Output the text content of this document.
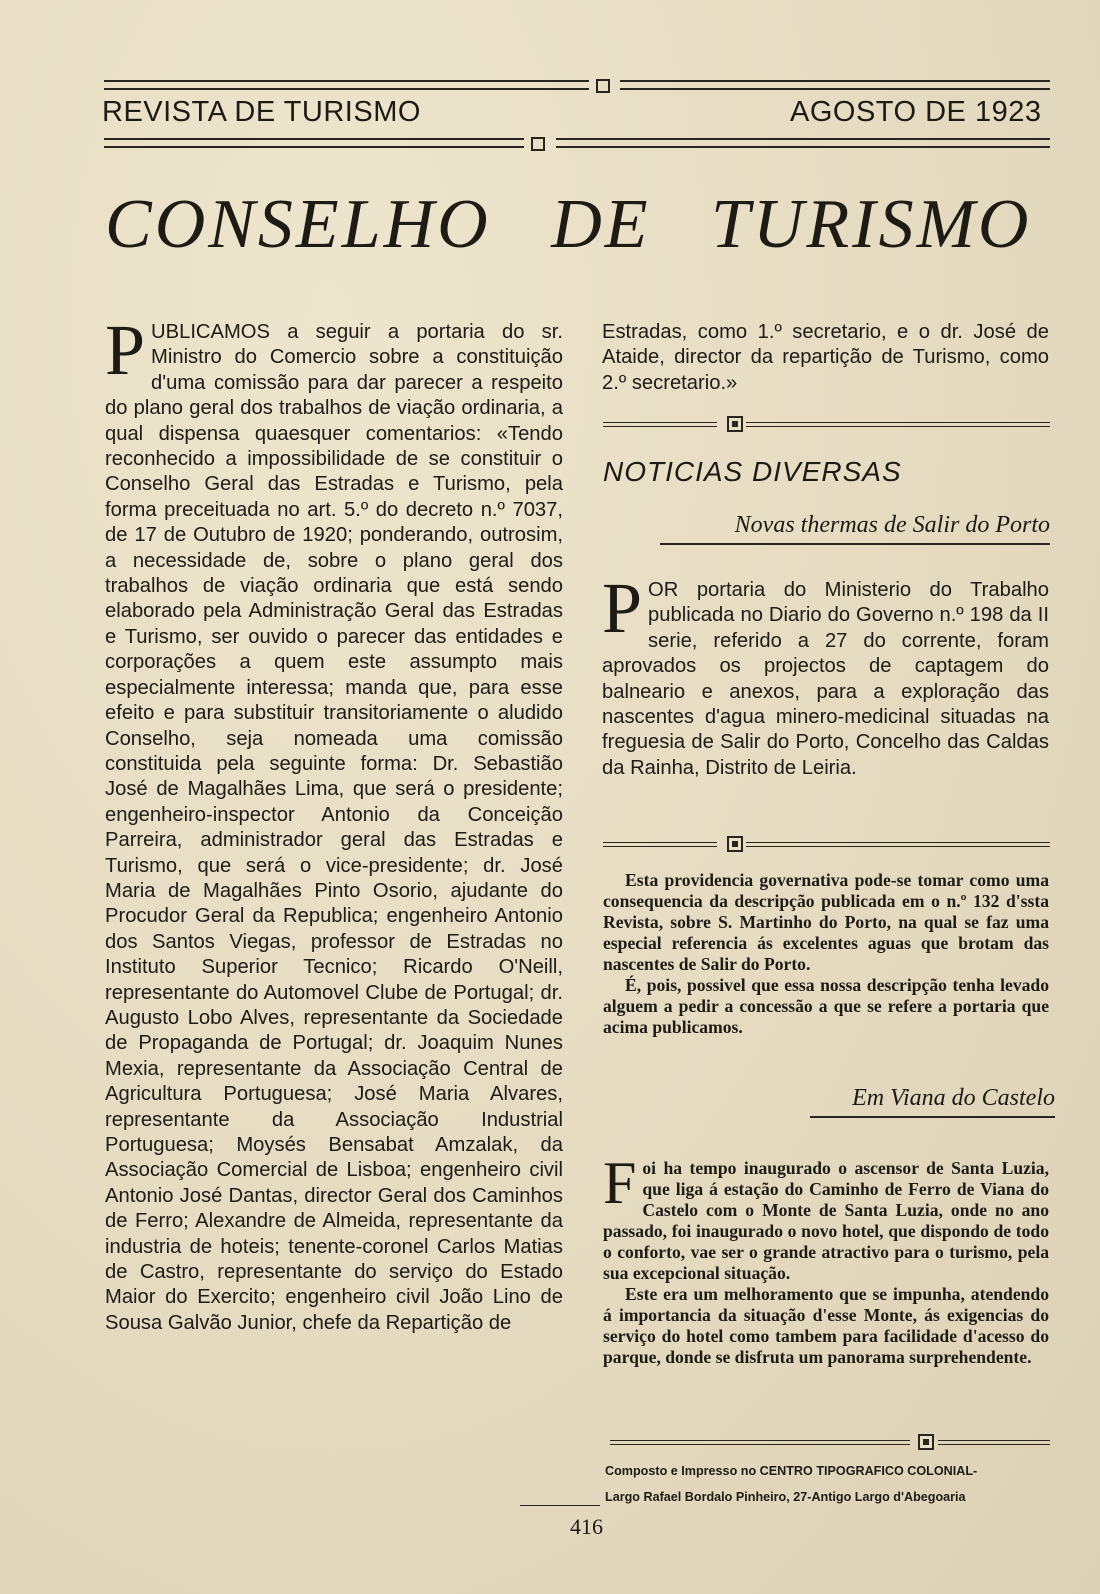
REVISTA DE TURISMO	AGOSTO DE 1923
CONSELHO DE TURISMO

PUBLICAMOS a seguir a portaria do sr. Ministro do Comercio sobre a constituição d'uma comissão para dar parecer a respeito do plano geral dos trabalhos de viação ordinaria, a qual dispensa quaesquer comentarios: «Tendo reconhecido a impossibilidade de se constituir o Conselho Geral das Estradas e Turismo, pela forma preceituada no art. 5.º do decreto n.º 7037, de 17 de Outubro de 1920; ponderando, outrosim, a necessidade de, sobre o plano geral dos trabalhos de viação ordinaria que está sendo elaborado pela Administração Geral das Estradas e Turismo, ser ouvido o parecer das entidades e corporações a quem este assumpto mais especialmente interessa; manda que, para esse efeito e para substituir transitoriamente o aludido Conselho, seja nomeada uma comissão constituida pela seguinte forma: Dr. Sebastião José de Magalhães Lima, que será o presidente; engenheiro-inspector Antonio da Conceição Parreira, administrador geral das Estradas e Turismo, que será o vice-presidente; dr. José Maria de Magalhães Pinto Osorio, ajudante do Procudor Geral da Republica; engenheiro Antonio dos Santos Viegas, professor de Estradas no Instituto Superior Tecnico; Ricardo O'Neill, representante do Automovel Clube de Portugal; dr. Augusto Lobo Alves, representante da Sociedade de Propaganda de Portugal; dr. Joaquim Nunes Mexia, representante da Associação Central de Agricultura Portuguesa; José Maria Alvares, representante da Associação Industrial Portuguesa; Moysés Bensabat Amzalak, da Associação Comercial de Lisboa; engenheiro civil Antonio José Dantas, director Geral dos Caminhos de Ferro; Alexandre de Almeida, representante da industria de hoteis; tenente-coronel Carlos Matias de Castro, representante do serviço do Estado Maior do Exercito; engenheiro civil João Lino de Sousa Galvão Junior, chefe da Repartição de

Estradas, como 1.º secretario, e o dr. José de Ataide, director da repartição de Turismo, como 2.º secretario.»

NOTICIAS DIVERSAS
Novas thermas de Salir do Porto

POR portaria do Ministerio do Trabalho publicada no Diario do Governo n.º 198 da II serie, referido a 27 do corrente, foram aprovados os projectos de captagem do balneario e anexos, para a exploração das nascentes d'agua minero-medicinal situadas na freguesia de Salir do Porto, Concelho das Caldas da Rainha, Distrito de Leiria.

Esta providencia governativa pode-se tomar como uma consequencia da descripção publicada em o n.º 132 d'ssta Revista, sobre S. Martinho do Porto, na qual se faz uma especial referencia ás excelentes aguas que brotam das nascentes de Salir do Porto.

É, pois, possivel que essa nossa descripção tenha levado alguem a pedir a concessão a que se refere a portaria que acima publicamos.

Em Viana do Castelo

F oi ha tempo inaugurado o ascensor de Santa Luzia, que liga á estação do Caminho de Ferro de Viana do Castelo com o Monte de Santa Luzia, onde no ano passado, foi inaugurado o novo hotel, que dispondo de todo o conforto, vae ser o grande atractivo para o turismo, pela sua excepcional situação.

Este era um melhoramento que se impunha, atendendo á importancia da situação d'esse Monte, ás exigencias do serviço do hotel como tambem para facilidade d'acesso do parque, donde se disfruta um panorama surprehendente.

Composto e Impresso no CENTRO TIPOGRAFICO COLONIAL-
Largo Rafael Bordalo Pinheiro, 27-Antigo Largo d'Abegoaria
416
